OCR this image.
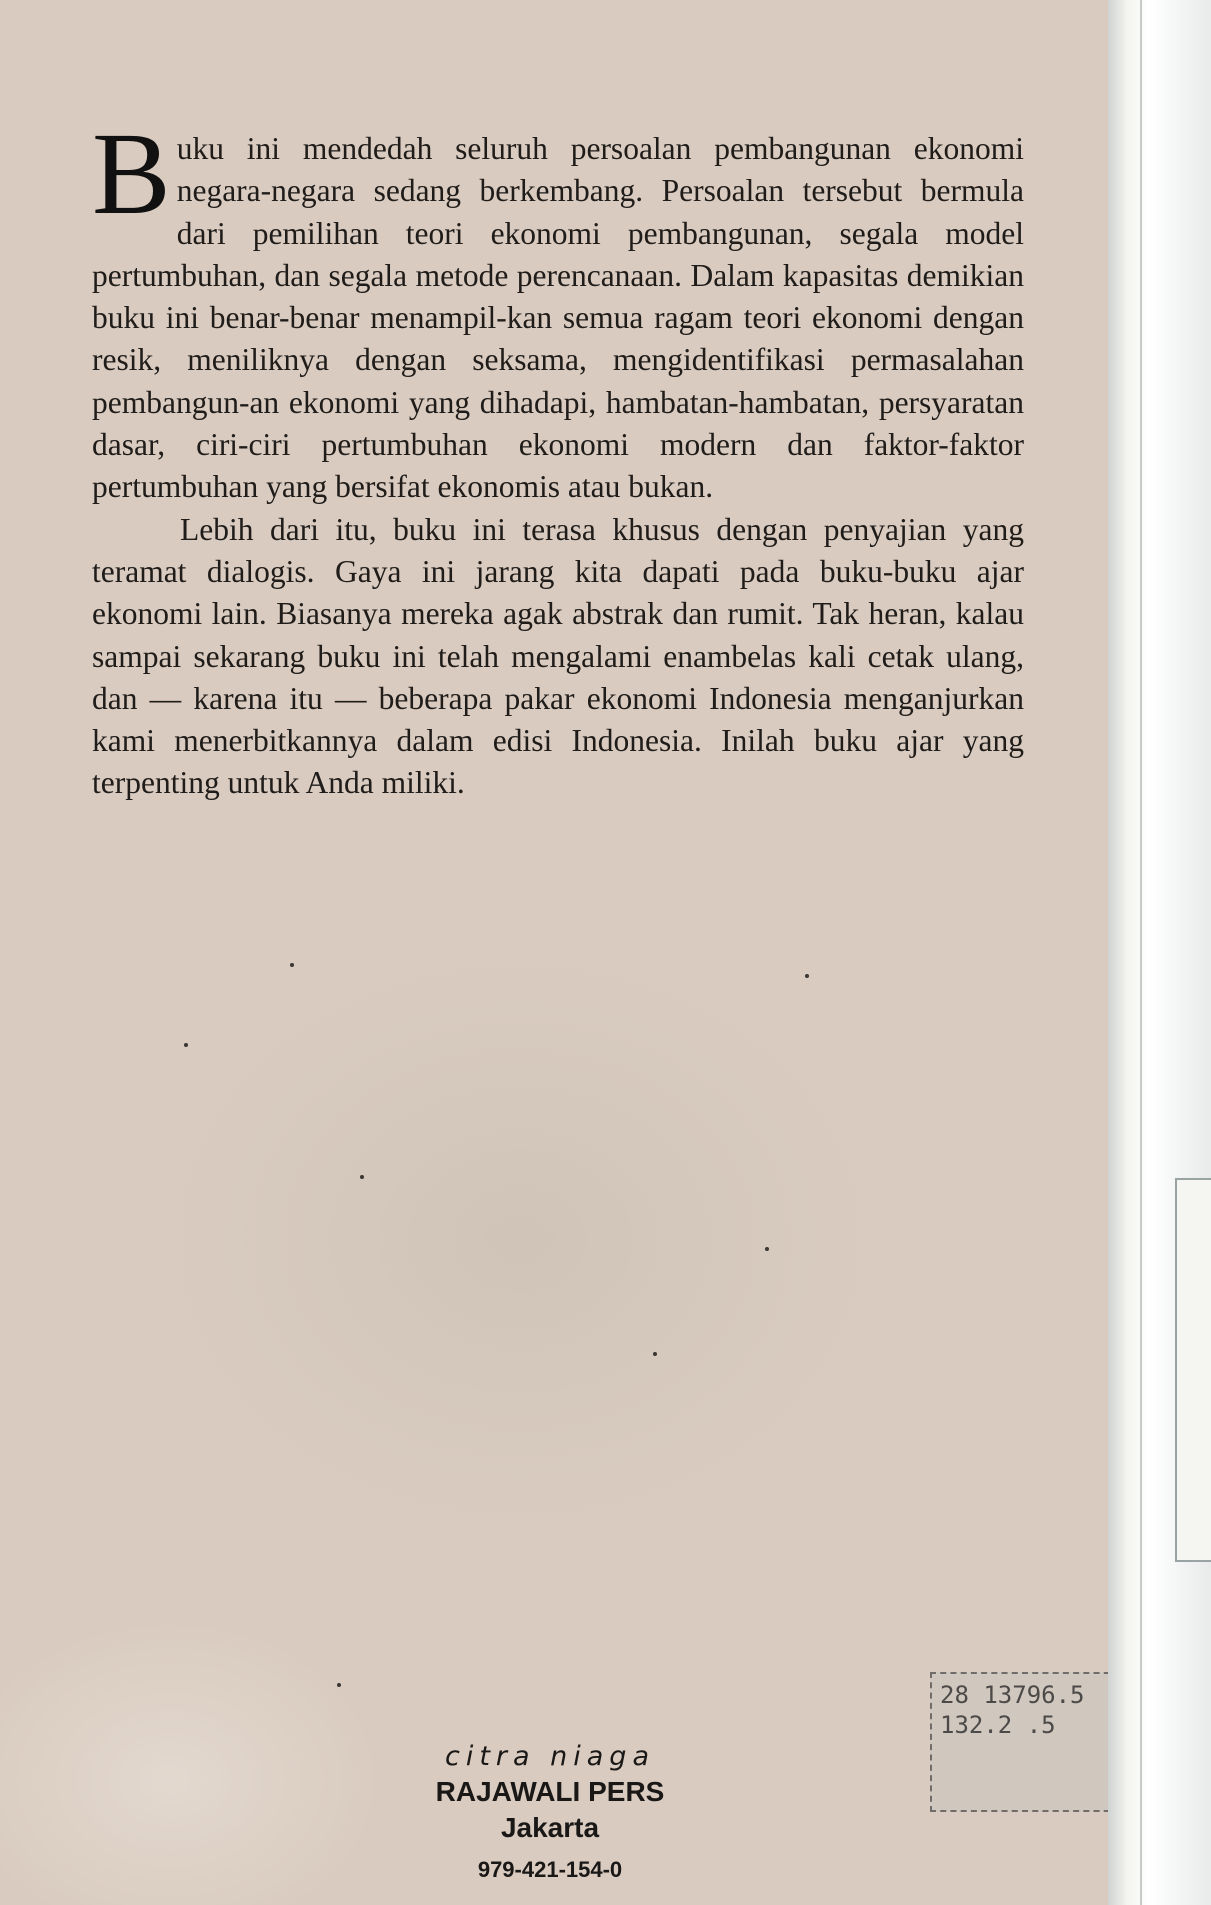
B uku ini mendedah seluruh persoalan pembangunan ekonomi negara-negara sedang berkembang. Persoalan tersebut bermula dari pemilihan teori ekonomi pembangunan, segala model pertumbuhan, dan segala metode perencanaan. Dalam kapasitas demikian buku ini benar-benar menampil-kan semua ragam teori ekonomi dengan resik, meniliknya dengan seksama, mengidentifikasi permasalahan pembangun-an ekonomi yang dihadapi, hambatan-hambatan, persyaratan dasar, ciri-ciri pertumbuhan ekonomi modern dan faktor-faktor pertumbuhan yang bersifat ekonomis atau bukan.

Lebih dari itu, buku ini terasa khusus dengan penyajian yang teramat dialogis. Gaya ini jarang kita dapati pada buku-buku ajar ekonomi lain. Biasanya mereka agak abstrak dan rumit. Tak heran, kalau sampai sekarang buku ini telah mengalami enambelas kali cetak ulang, dan — karena itu — beberapa pakar ekonomi Indonesia menganjurkan kami menerbitkannya dalam edisi Indonesia. Inilah buku ajar yang terpenting untuk Anda miliki.

citra niaga
RAJAWALI PERS
Jakarta
979-421-154-0
28 13796.5
132.2 .5
